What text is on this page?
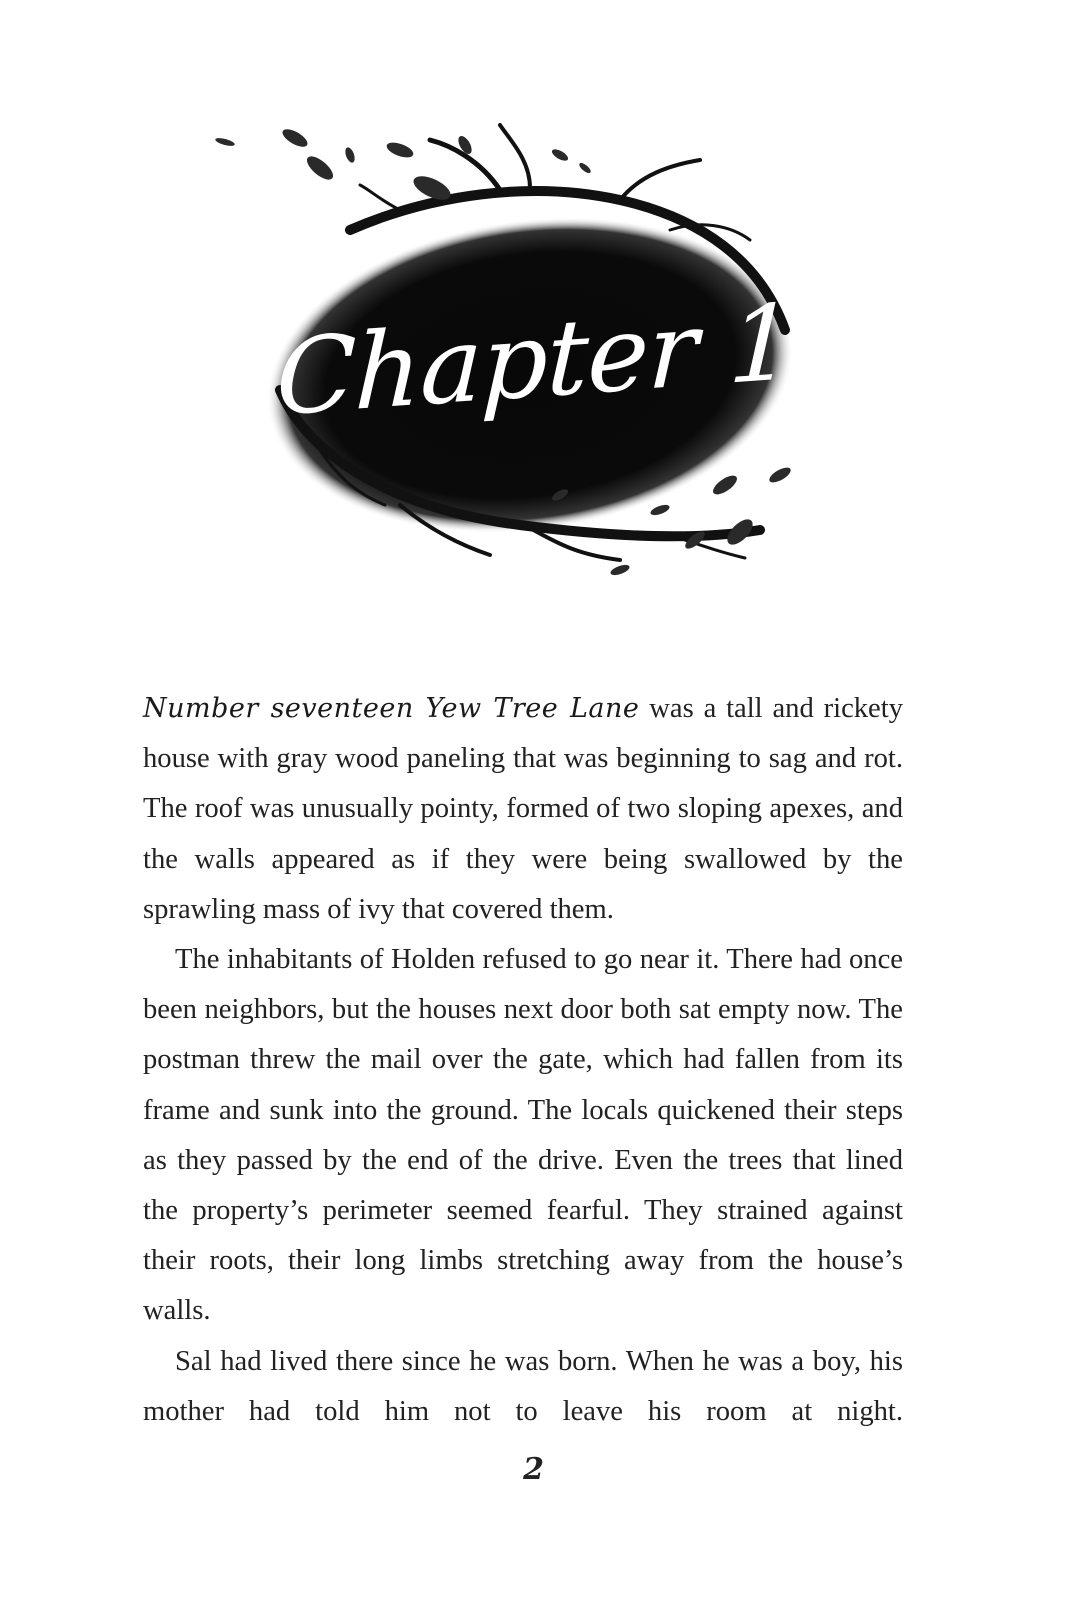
Chapter 1

Number seventeen Yew Tree Lane was a tall and rickety house with gray wood paneling that was beginning to sag and rot. The roof was unusually pointy, formed of two sloping apexes, and the walls appeared as if they were being swallowed by the sprawling mass of ivy that covered them.

The inhabitants of Holden refused to go near it. There had once been neighbors, but the houses next door both sat empty now. The postman threw the mail over the gate, which had fallen from its frame and sunk into the ground. The locals quickened their steps as they passed by the end of the drive. Even the trees that lined the property’s perimeter seemed fearful. They strained against their roots, their long limbs stretching away from the house’s walls.

Sal had lived there since he was born. When he was a boy, his mother had told him not to leave his room at night.

2
